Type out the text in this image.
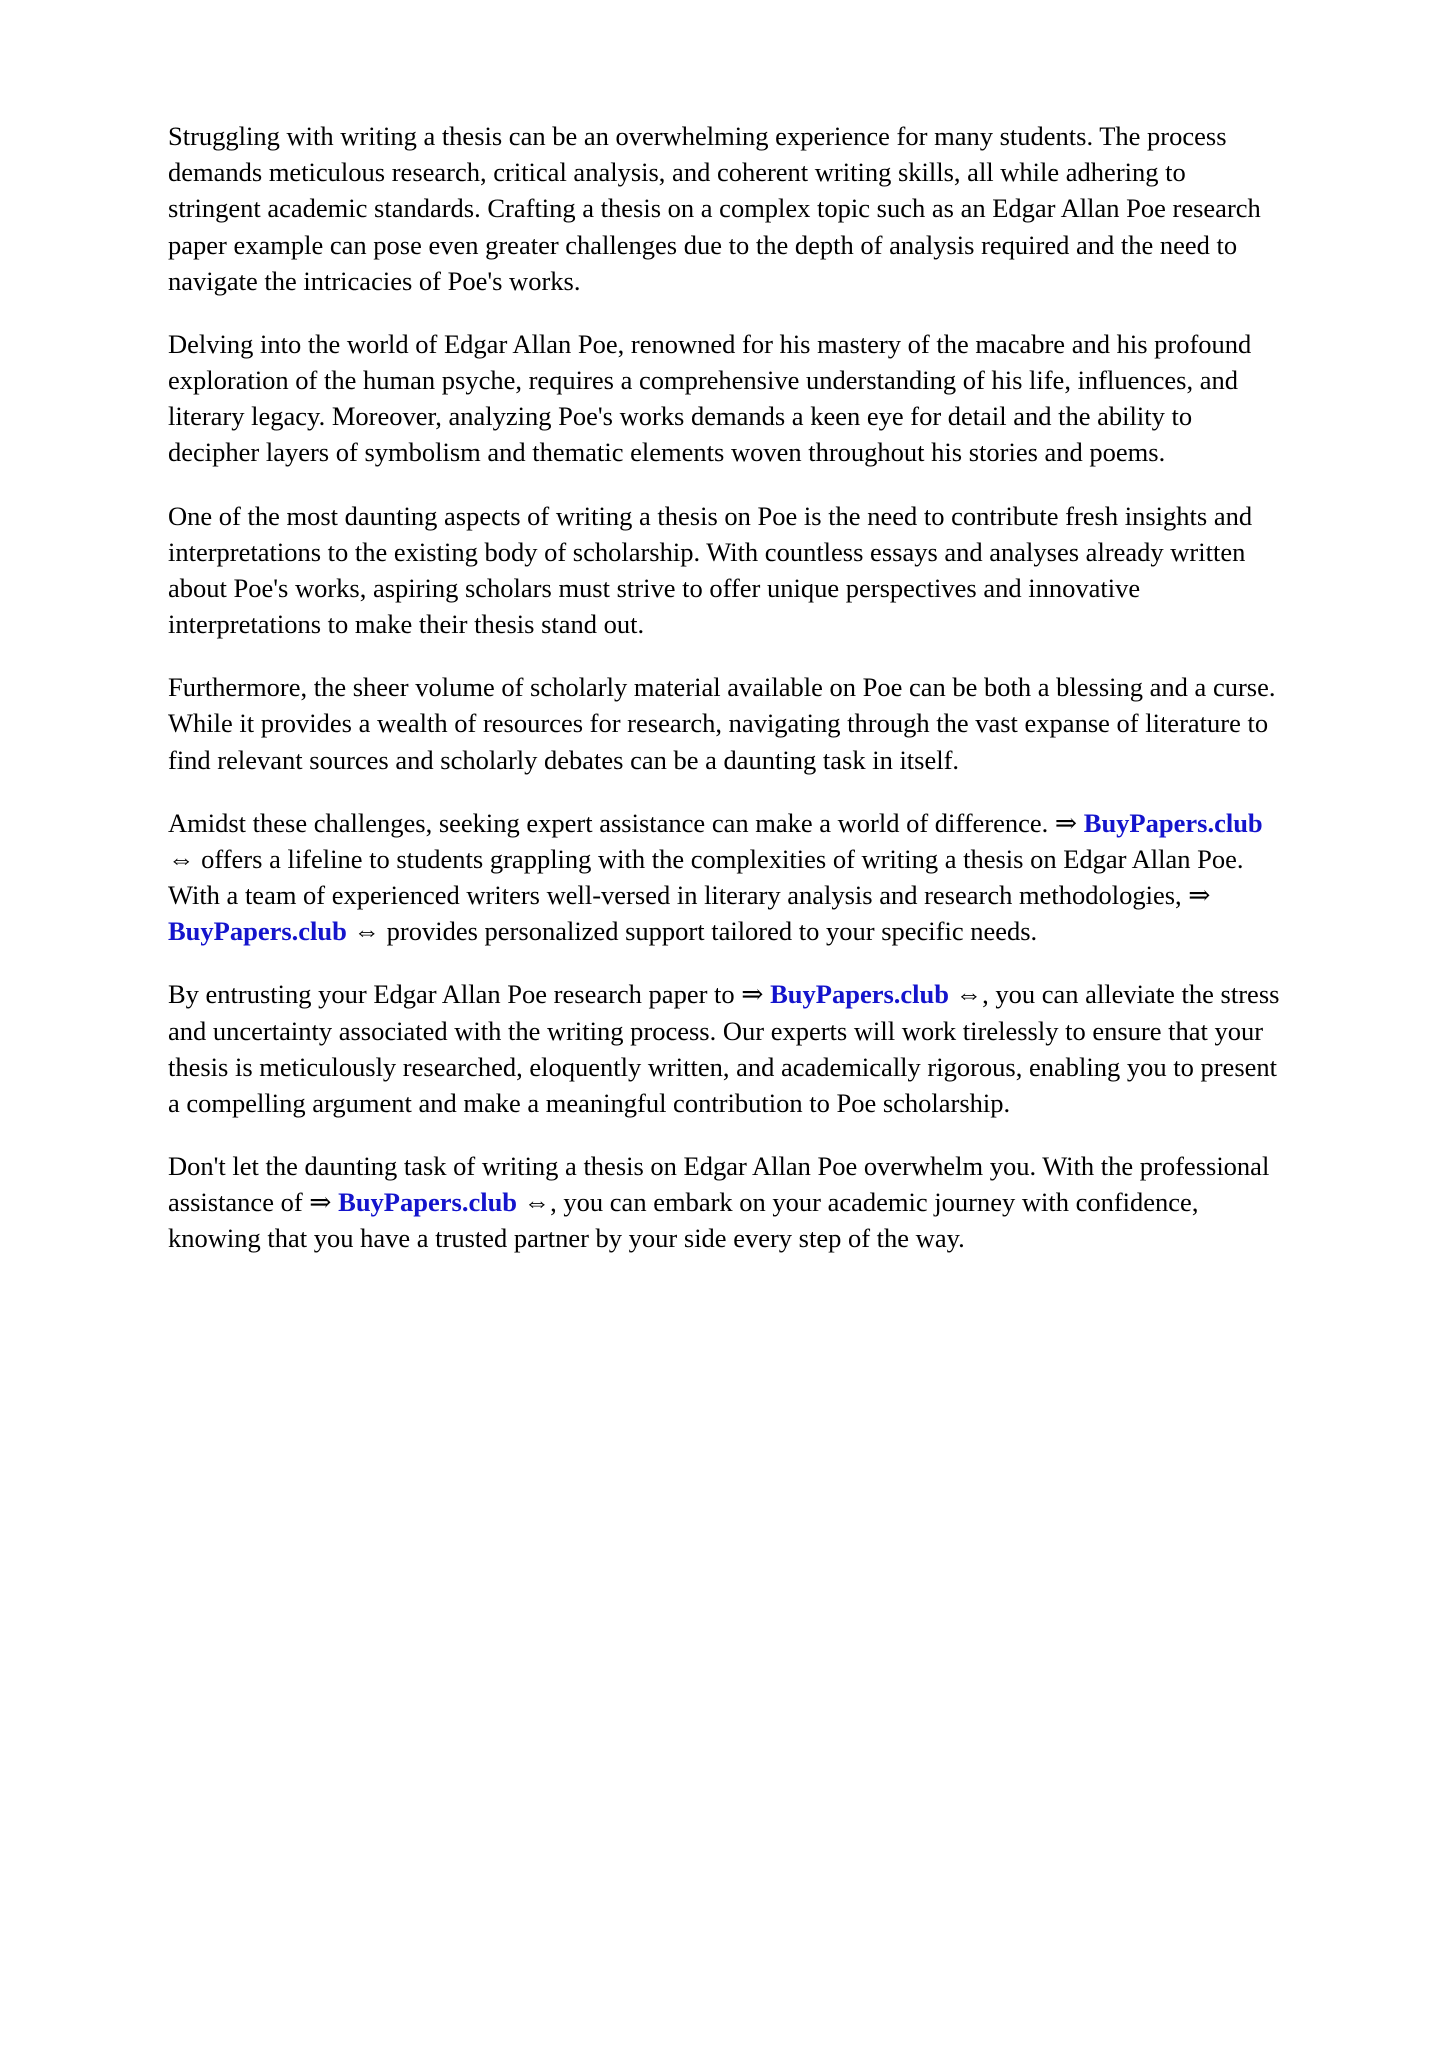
Struggling with writing a thesis can be an overwhelming experience for many students. The process demands meticulous research, critical analysis, and coherent writing skills, all while adhering to stringent academic standards. Crafting a thesis on a complex topic such as an Edgar Allan Poe research paper example can pose even greater challenges due to the depth of analysis required and the need to navigate the intricacies of Poe's works.

Delving into the world of Edgar Allan Poe, renowned for his mastery of the macabre and his profound exploration of the human psyche, requires a comprehensive understanding of his life, influences, and literary legacy. Moreover, analyzing Poe's works demands a keen eye for detail and the ability to decipher layers of symbolism and thematic elements woven throughout his stories and poems.

One of the most daunting aspects of writing a thesis on Poe is the need to contribute fresh insights and interpretations to the existing body of scholarship. With countless essays and analyses already written about Poe's works, aspiring scholars must strive to offer unique perspectives and innovative interpretations to make their thesis stand out.

Furthermore, the sheer volume of scholarly material available on Poe can be both a blessing and a curse. While it provides a wealth of resources for research, navigating through the vast expanse of literature to find relevant sources and scholarly debates can be a daunting task in itself.

Amidst these challenges, seeking expert assistance can make a world of difference. ⇒ BuyPapers.club ⇔ offers a lifeline to students grappling with the complexities of writing a thesis on Edgar Allan Poe. With a team of experienced writers well-versed in literary analysis and research methodologies, ⇒ BuyPapers.club ⇔ provides personalized support tailored to your specific needs.

By entrusting your Edgar Allan Poe research paper to ⇒ BuyPapers.club ⇔, you can alleviate the stress and uncertainty associated with the writing process. Our experts will work tirelessly to ensure that your thesis is meticulously researched, eloquently written, and academically rigorous, enabling you to present a compelling argument and make a meaningful contribution to Poe scholarship.

Don't let the daunting task of writing a thesis on Edgar Allan Poe overwhelm you. With the professional assistance of ⇒ BuyPapers.club ⇔, you can embark on your academic journey with confidence, knowing that you have a trusted partner by your side every step of the way.
